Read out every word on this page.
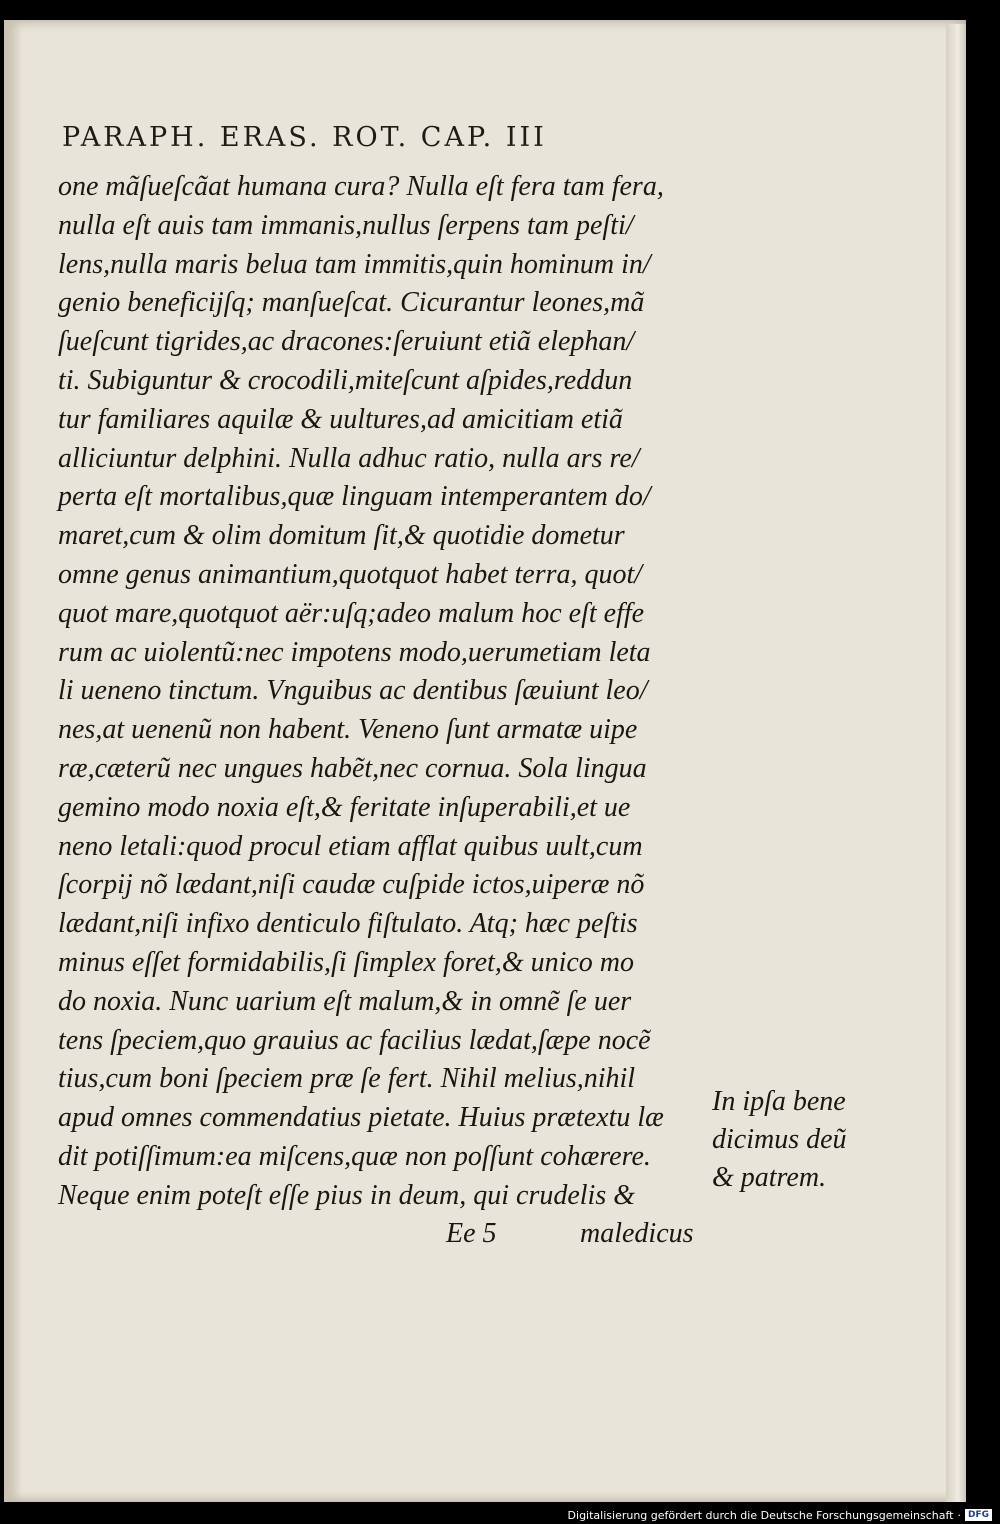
PARAPH. ERAS. ROT. CAP. III
one mãſueſcãat humana cura? Nulla eſt fera tam fera,
nulla eſt auis tam immanis,nullus ſerpens tam peſti/
lens,nulla maris belua tam immitis,quin hominum in/
genio beneficijſq; manſueſcat. Cicurantur leones,mã
ſueſcunt tigrides,ac dracones:ſeruiunt etiã elephan/
ti. Subiguntur & crocodili,miteſcunt aſpides,reddun
tur familiares aquilæ & uultures,ad amicitiam etiã
alliciuntur delphini. Nulla adhuc ratio, nulla ars re/
perta eſt mortalibus,quæ linguam intemperantem do/
maret,cum & olim domitum ſit,& quotidie dometur
omne genus animantium,quotquot habet terra, quot/
quot mare,quotquot aër:uſq;adeo malum hoc eſt effe
rum ac uiolentũ:nec impotens modo,uerumetiam leta
li ueneno tinctum. Vnguibus ac dentibus ſæuiunt leo/
nes,at uenenũ non habent. Veneno ſunt armatæ uipe
ræ,cæterũ nec ungues habẽt,nec cornua. Sola lingua
gemino modo noxia eſt,& feritate inſuperabili,et ue
neno letali:quod procul etiam afflat quibus uult,cum
ſcorpij nõ lædant,niſi caudæ cuſpide ictos,uiperæ nõ
lædant,niſi infixo denticulo fiſtulato. Atq; hæc peſtis
minus eſſet formidabilis,ſi ſimplex foret,& unico mo
do noxia. Nunc uarium eſt malum,& in omnẽ ſe uer
tens ſpeciem,quo grauius ac facilius lædat,ſæpe nocẽ
tius,cum boni ſpeciem præ ſe fert. Nihil melius,nihil
apud omnes commendatius pietate. Huius prætextu læ
dit potiſſimum:ea miſcens,quæ non poſſunt cohærere.
Neque enim poteſt eſſe pius in deum, qui crudelis &
Ee 5	maledicus
In ipſa bene
dicimus deũ
& patrem.
Digitalisierung gefördert durch die Deutsche Forschungsgemeinschaft · DFG
